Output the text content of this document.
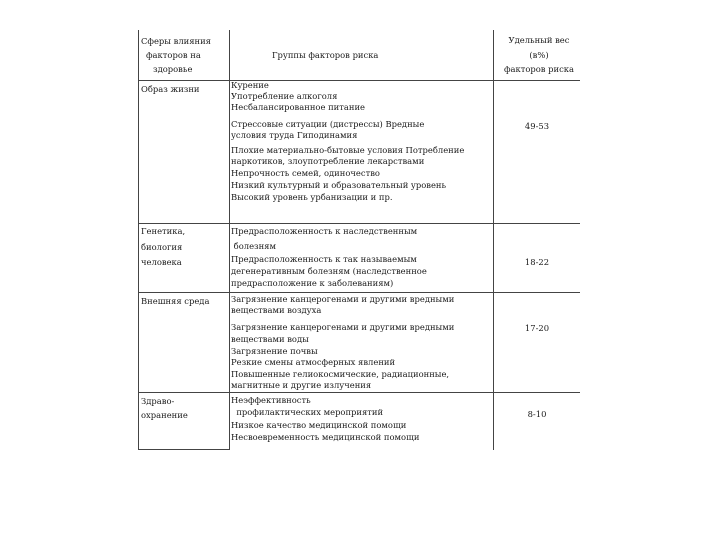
Сферы влияния
факторов на
здоровье
Группы факторов риска
Удельный вес
(в%)
факторов риска
Образ жизни	Курение
Употребление алкоголя
Несбалансированное питание
Стрессовые ситуации (дистрессы) Вредные
условия труда Гиподинамия
Плохие материально-бытовые условия Потребление
наркотиков, злоупотребление лекарствами
Непрочность семей, одиночество
Низкий культурный и образовательный уровень
Высокий уровень урбанизации и пр.
49-53
Генетика,
биология
человека
Предрасположенность к наследственным
болезням
Предрасположенность к так называемым
дегенеративным болезням (наследственное
предрасположение к заболеваниям)
18-22
Внешняя среда	Загрязнение канцерогенами и другими вредными
веществами воздуха
Загрязнение канцерогенами и другими вредными
веществами воды
Загрязнение почвы
Резкие смены атмосферных явлений
Повышенные гелиокосмические, радиационные,
магнитные и другие излучения
17-20
Здраво-
охранение
Неэффективность
профилактических мероприятий
Низкое качество медицинской помощи
Несвоевременность медицинской помощи
8-10
